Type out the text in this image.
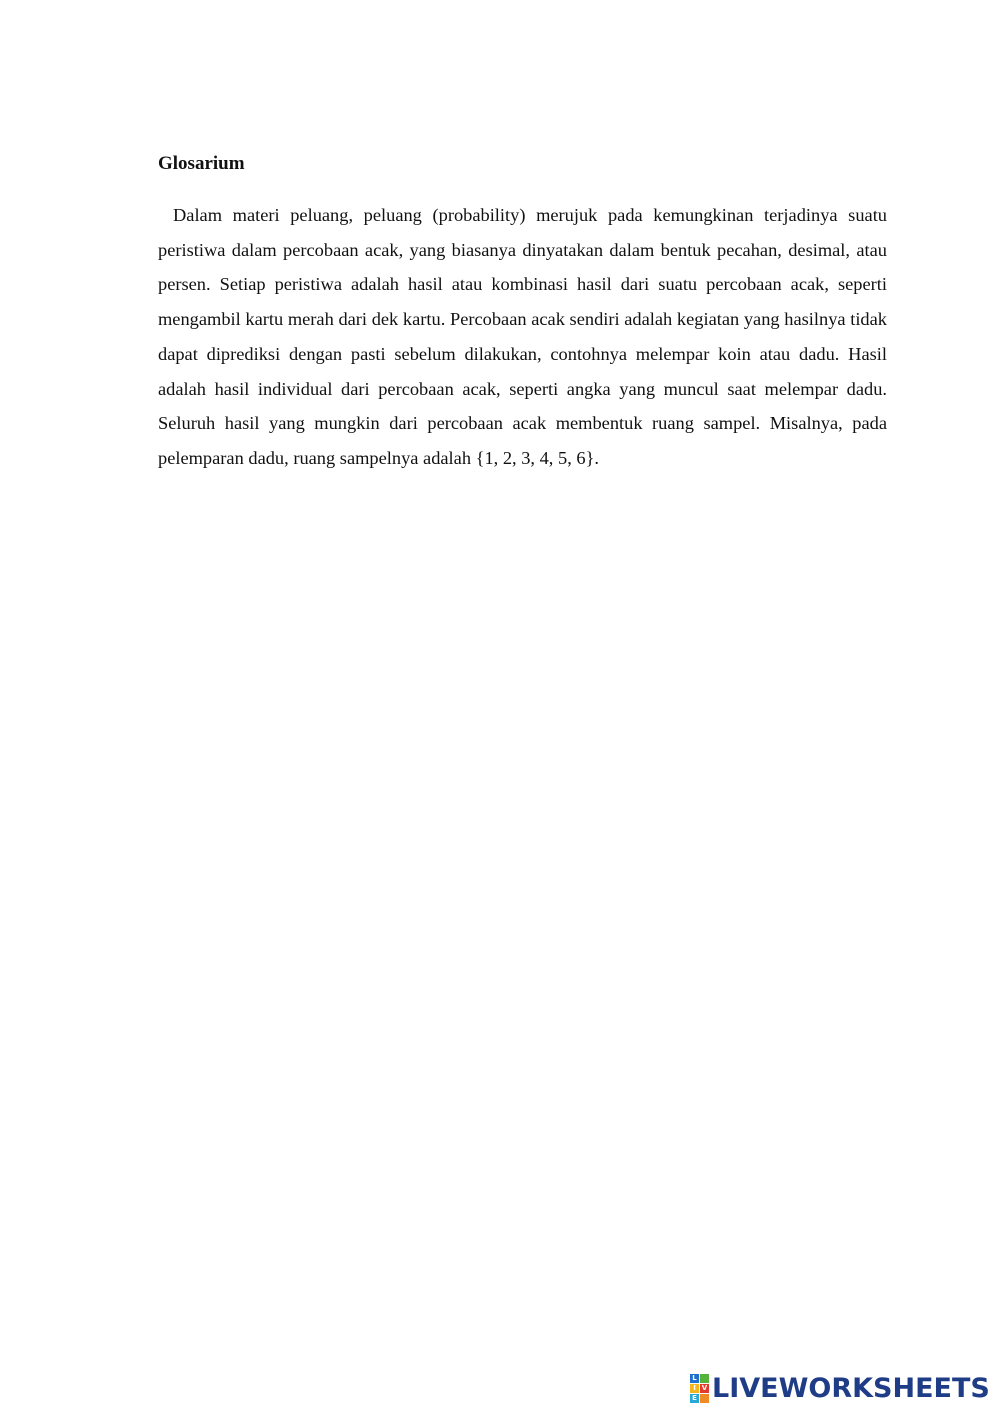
Glosarium

Dalam materi peluang, peluang (probability) merujuk pada kemungkinan terjadinya suatu peristiwa dalam percobaan acak, yang biasanya dinyatakan dalam bentuk pecahan, desimal, atau persen. Setiap peristiwa adalah hasil atau kombinasi hasil dari suatu percobaan acak, seperti mengambil kartu merah dari dek kartu. Percobaan acak sendiri adalah kegiatan yang hasilnya tidak dapat diprediksi dengan pasti sebelum dilakukan, contohnya melempar koin atau dadu. Hasil adalah hasil individual dari percobaan acak, seperti angka yang muncul saat melempar dadu. Seluruh hasil yang mungkin dari percobaan acak membentuk ruang sampel. Misalnya, pada pelemparan dadu, ruang sampelnya adalah {1, 2, 3, 4, 5, 6}.

L
I V
E LIVEWORKSHEETS
